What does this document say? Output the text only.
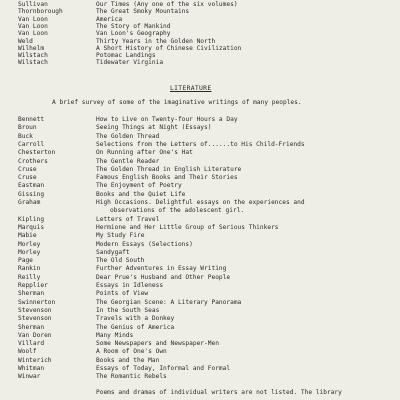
Sullivan	Our Times (Any one of the six volumes)
Thornborough	The Great Smoky Mountains
Van Loon	America
Van Loon	The Story of Mankind
Van Loon	Van Loon's Geography
Weld	Thirty Years in the Golden North
Wilhelm	A Short History of Chinese Civilization
Wilstach	Potomac Landings
Wilstach	Tidewater Virginia
LITERATURE
A brief survey of some of the imaginative writings of many peoples.
Bennett	How to Live on Twenty-four Hours a Day
Broun	Seeing Things at Night (Essays)
Buck	The Golden Thread
Carroll	Selections from the Letters of......to His Child-Friends
Chesterton	On Running after One's Hat
Crothers	The Gentle Reader
Cruse	The Golden Thread in English Literature
Cruse	Famous English Books and Their Stories
Eastman	The Enjoyment of Poetry
Gissing	Books and the Quiet Life
Graham	High Occasions. Delightful essays on the experiences and
observations of the adolescent girl.
Kipling	Letters of Travel
Marquis	Hermione and Her Little Group of Serious Thinkers
Mabie	My Study Fire
Morley	Modern Essays (Selections)
Morley	Sandygaft
Page	The Old South
Rankin	Further Adventures in Essay Writing
Reilly	Dear Prue's Husband and Other People
Repplier	Essays in Idleness
Sherman	Points of View
Swinnerton	The Georgian Scene: A Literary Panorama
Stevenson	In the South Seas
Stevenson	Travels with a Donkey
Sherman	The Genius of America
Van Doren	Many Minds
Villard	Some Newspapers and Newspaper-Men
Woolf	A Room of One's Own
Winterich	Books and the Man
Whitman	Essays of Today, Informal and Formal
Winwar	The Romantic Rebels
Poems and dramas of individual writers are not listed. The library
